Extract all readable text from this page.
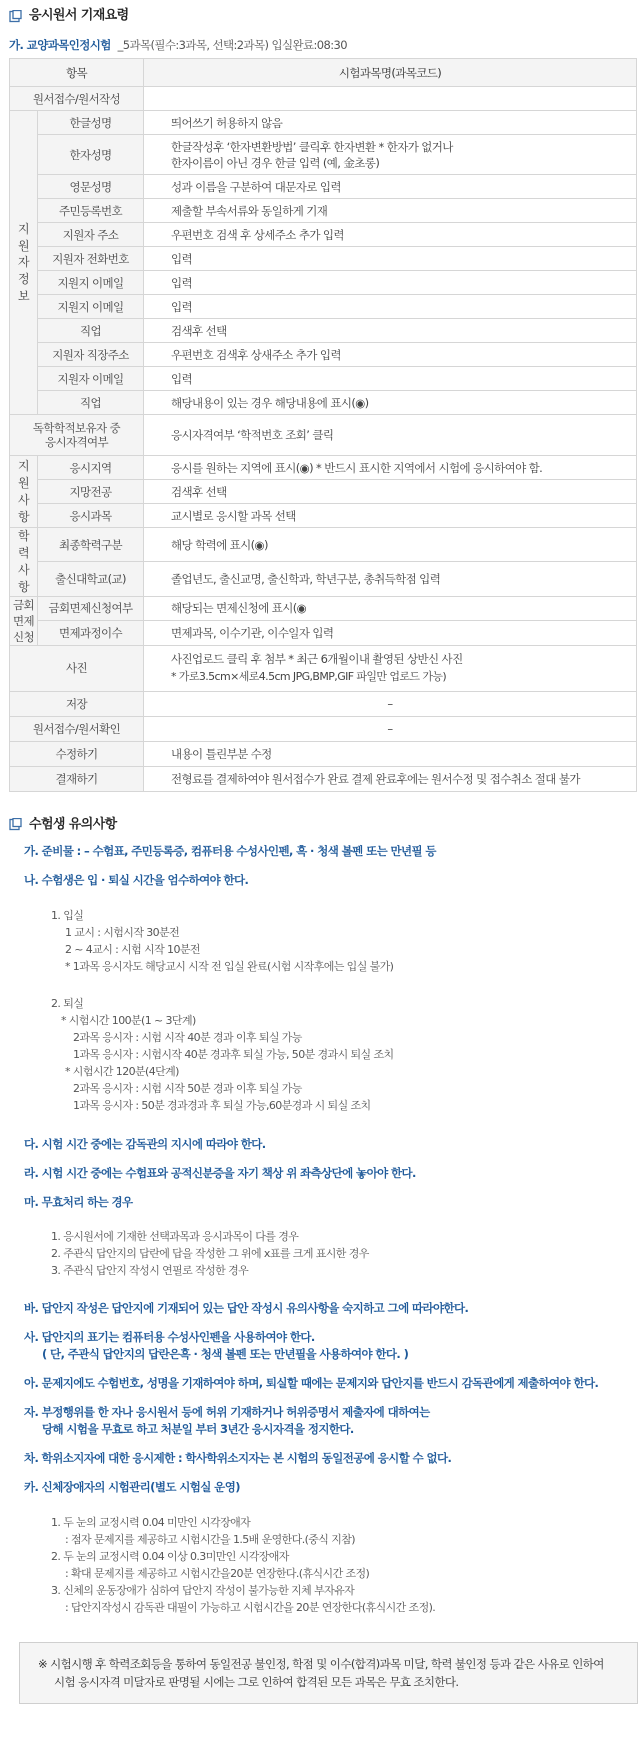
응시원서 기재요령
가. 교양과목인정시험 _5과목(필수:3과목, 선택:2과목) 입실완료:08:30
항목		시험과목명(과목코드)
원서접수/원서작성		
지
원
자
정
보	한글성명	띄어쓰기 허용하지 않음
	한자성명	한글작성후 ‘한자변환방법’ 클릭후 한자변환 * 한자가 없거나
한자이름이 아닌 경우 한글 입력 (예, 金초롱)

	영문성명	성과 이름을 구분하여 대문자로 입력
	주민등록번호	제출할 부속서류와 동일하게 기재
	지원자 주소	우편번호 검색 후 상세주소 추가 입력
	지원자 전화번호	입력
	지원지 이메일	입력
	지원지 이메일	입력
	직업	검색후 선택
	지원자 직장주소	우편번호 검색후 상새주소 추가 입력
	지원자 이메일	입력
	직업	해당내용이 있는 경우 해당내용에 표시(◉)

독학학적보유자 중
응시자격여부		응시자격여부 ‘학적번호 조회’ 클릭
지
원
사
항	응시지역	응시를 원하는 지역에 표시(◉) * 반드시 표시한 지역에서 시험에 응시하여야 함.
	지망전공	검색후 선택
	응시과목	교시별로 응시할 과목 선택
학
력
사
항	최종학력구분	해당 학력에 표시(◉)
	출신대학교(교)	졸업년도, 출신교명, 출신학과, 학년구분, 총취득학점 입력
금회
면제
신청	금회면제신청여부	해당되는 면제신청에 표시(◉
	면제과정이수	면제과목, 이수기관, 이수일자 입력
사진		사진업로드 클릭 후 첨부 * 최근 6개월이내 촬영된 상반신 사진
* 가로3.5cm×세로4.5cm JPG,BMP,GIF 파일만 업로드 가능)

저장		–
원서접수/원서확인		–
수정하기		내용이 틀린부분 수정
결재하기		전형료를 결제하여야 원서접수가 완료 결제 완료후에는 원서수정 및 접수취소 절대 불가
수험생 유의사항
가. 준비물 : – 수험표, 주민등록증, 컴퓨터용 수성사인펜, 흑 · 청색 볼펜 또는 만년필 등
나. 수험생은 입 · 퇴실 시간을 엄수하여야 한다.
1. 입실
1 교시 : 시험시작 30분전
2 ~ 4교시 : 시험 시작 10분전
* 1과목 응시자도 해당교시 시작 전 입실 완료(시험 시작후에는 입실 불가)
2. 퇴실
* 시험시간 100분(1 ~ 3단계)
2과목 응시자 : 시험 시작 40분 경과 이후 퇴실 가능
1과목 응시자 : 시험시작 40분 경과후 퇴실 가능, 50분 경과시 퇴실 조치
* 시험시간 120분(4단계)
2과목 응시자 : 시험 시작 50분 경과 이후 퇴실 가능
1과목 응시자 : 50분 경과경과 후 퇴실 가능,60분경과 시 퇴실 조치
다. 시험 시간 중에는 감독관의 지시에 따라야 한다.
라. 시험 시간 중에는 수험표와 공적신분증을 자기 책상 위 좌측상단에 놓아야 한다.
마. 무효처리 하는 경우
1. 응시원서에 기재한 선택과목과 응시과목이 다를 경우
2. 주관식 답안지의 답란에 답을 작성한 그 위에 x표를 크게 표시한 경우
3. 주관식 답안지 작성시 연필로 작성한 경우
바. 답안지 작성은 답안지에 기재되어 있는 답안 작성시 유의사항을 숙지하고 그에 따라야한다.
사. 답안지의 표기는 컴퓨터용 수성사인펜을 사용하여야 한다.
( 단, 주관식 답안지의 답란은흑 · 청색 볼펜 또는 만년필을 사용하여야 한다. )
아. 문제지에도 수험번호, 성명을 기재하여야 하며, 퇴실할 때에는 문제지와 답안지를 반드시 감독관에게 제출하여야 한다.
자. 부정행위를 한 자나 응시원서 등에 허위 기재하거나 허위증명서 제출자에 대하여는
당해 시험을 무효로 하고 처분일 부터 3년간 응시자격을 정지한다.
차. 학위소지자에 대한 응시제한 : 학사학위소지자는 본 시험의 동일전공에 응시할 수 없다.
카. 신체장애자의 시험관리(별도 시험실 운영)
1. 두 눈의 교정시력 0.04 미만인 시각장애자
: 점자 문제지를 제공하고 시험시간을 1.5배 운영한다.(중식 지참)
2. 두 눈의 교정시력 0.04 이상 0.3미만인 시각장애자
: 확대 문제지를 제공하고 시험시간을20분 연장한다.(휴식시간 조정)
3. 신체의 운동장애가 심하여 답안지 작성이 불가능한 지체 부자유자
: 답안지작성시 감독관 대필이 가능하고 시험시간을 20분 연장한다(휴식시간 조정).
※ 시험시행 후 학력조회등을 통하여 동일전공 불인정, 학점 및 이수(합격)과목 미달, 학력 불인정 등과 같은 사유로 인하여
시험 응시자격 미달자로 판명될 시에는 그로 인하여 합격된 모든 과목은 무효 조치한다.
